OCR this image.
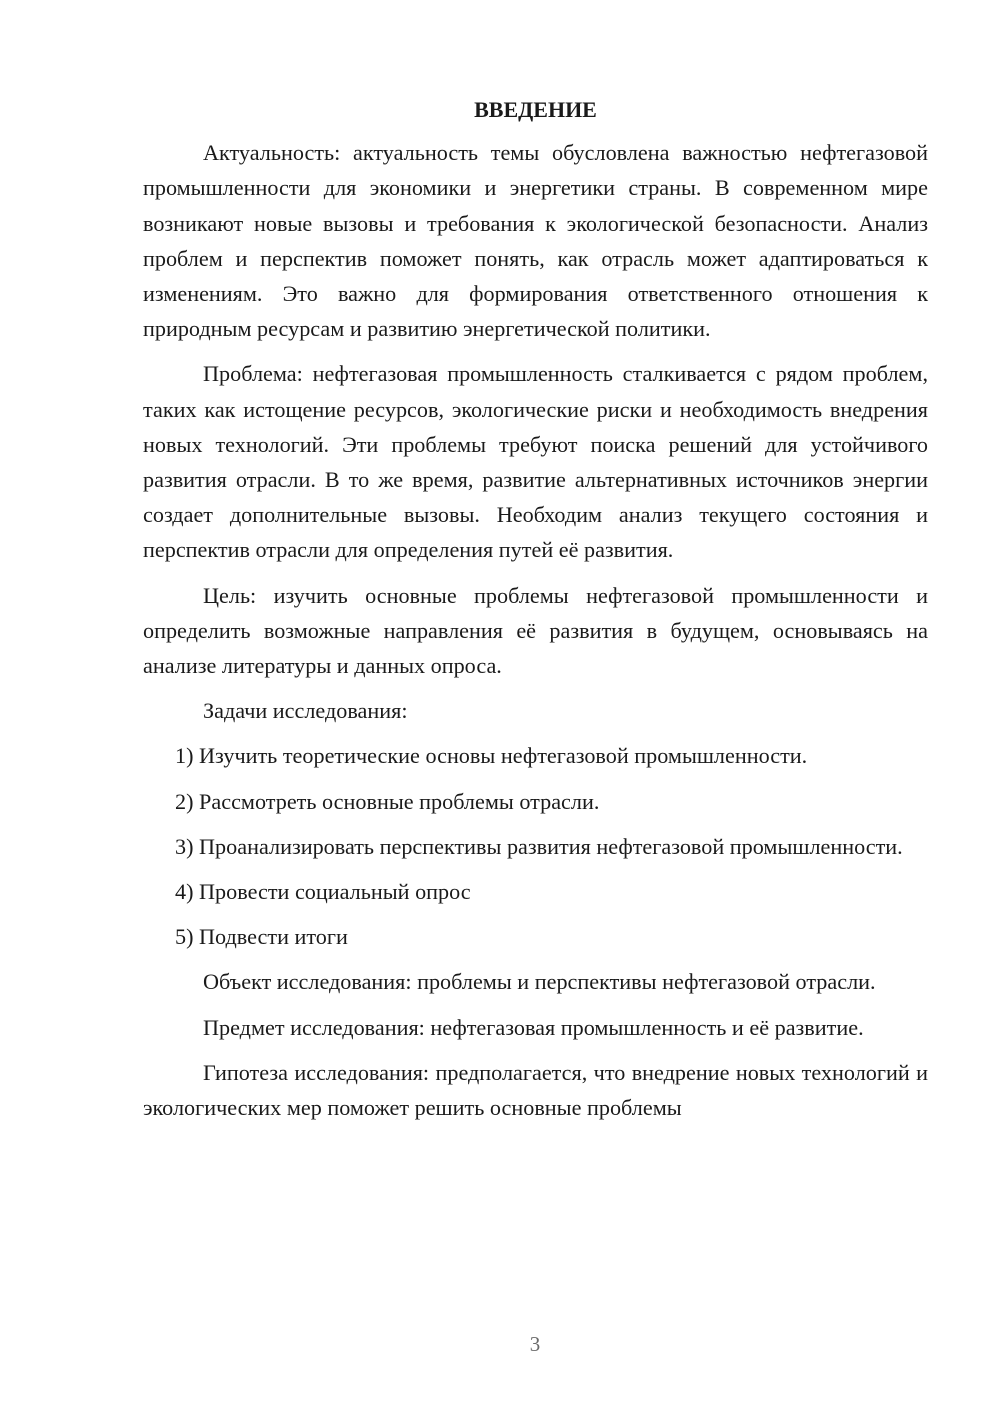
ВВЕДЕНИЕ

Актуальность: актуальность темы обусловлена важностью нефтегазовой промышленности для экономики и энергетики страны. В современном мире возникают новые вызовы и требования к экологической безопасности. Анализ проблем и перспектив поможет понять, как отрасль может адаптироваться к изменениям. Это важно для формирования ответственного отношения к природным ресурсам и развитию энергетической политики.

Проблема: нефтегазовая промышленность сталкивается с рядом проблем, таких как истощение ресурсов, экологические риски и необходимость внедрения новых технологий. Эти проблемы требуют поиска решений для устойчивого развития отрасли. В то же время, развитие альтернативных источников энергии создает дополнительные вызовы. Необходим анализ текущего состояния и перспектив отрасли для определения путей её развития.

Цель: изучить основные проблемы нефтегазовой промышленности и определить возможные направления её развития в будущем, основываясь на анализе литературы и данных опроса.

Задачи исследования:

1) Изучить теоретические основы нефтегазовой промышленности.

2) Рассмотреть основные проблемы отрасли.

3) Проанализировать перспективы развития нефтегазовой промышленности.

4) Провести социальный опрос

5) Подвести итоги

Объект исследования: проблемы и перспективы нефтегазовой отрасли.

Предмет исследования: нефтегазовая промышленность и её развитие.

Гипотеза исследования: предполагается, что внедрение новых технологий и экологических мер поможет решить основные проблемы

3
